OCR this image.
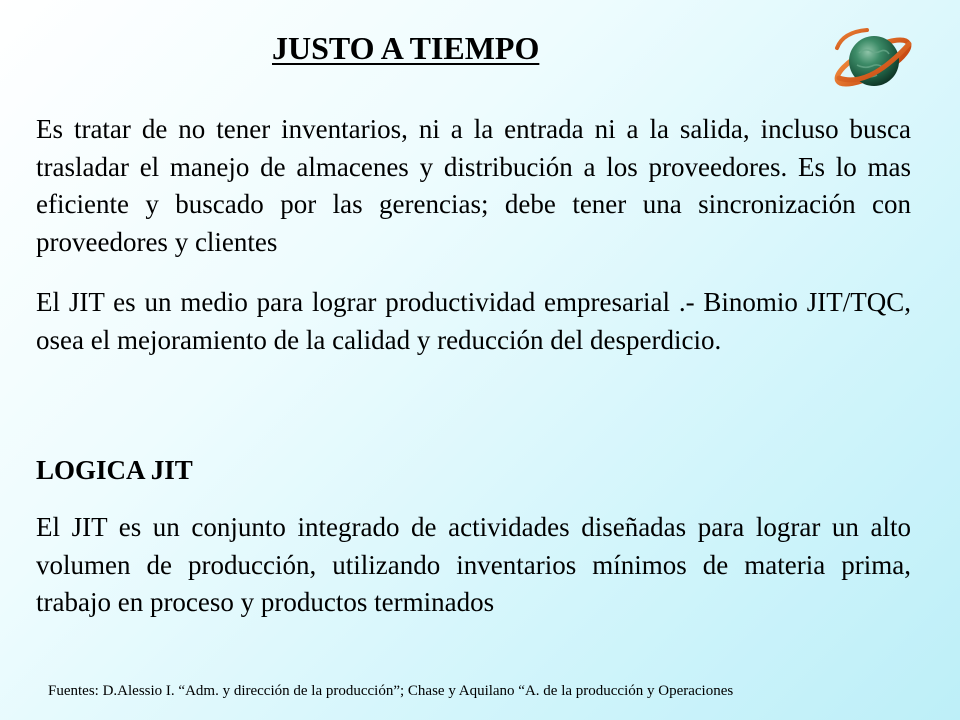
JUSTO A TIEMPO

Es tratar de no tener inventarios, ni a la entrada ni a la salida, incluso busca trasladar el manejo de almacenes y distribución a los proveedores. Es lo mas eficiente y buscado por las gerencias; debe tener una sincronización con proveedores y clientes

El JIT es un medio para lograr productividad empresarial .- Binomio JIT/TQC, osea el mejoramiento de la calidad y reducción del desperdicio.

LOGICA JIT

El JIT es un conjunto integrado de actividades diseñadas para lograr un alto volumen de producción, utilizando inventarios mínimos de materia prima, trabajo en proceso y productos terminados

Fuentes: D.Alessio I. “Adm. y dirección de la producción”; Chase y Aquilano “A. de la producción y Operaciones
